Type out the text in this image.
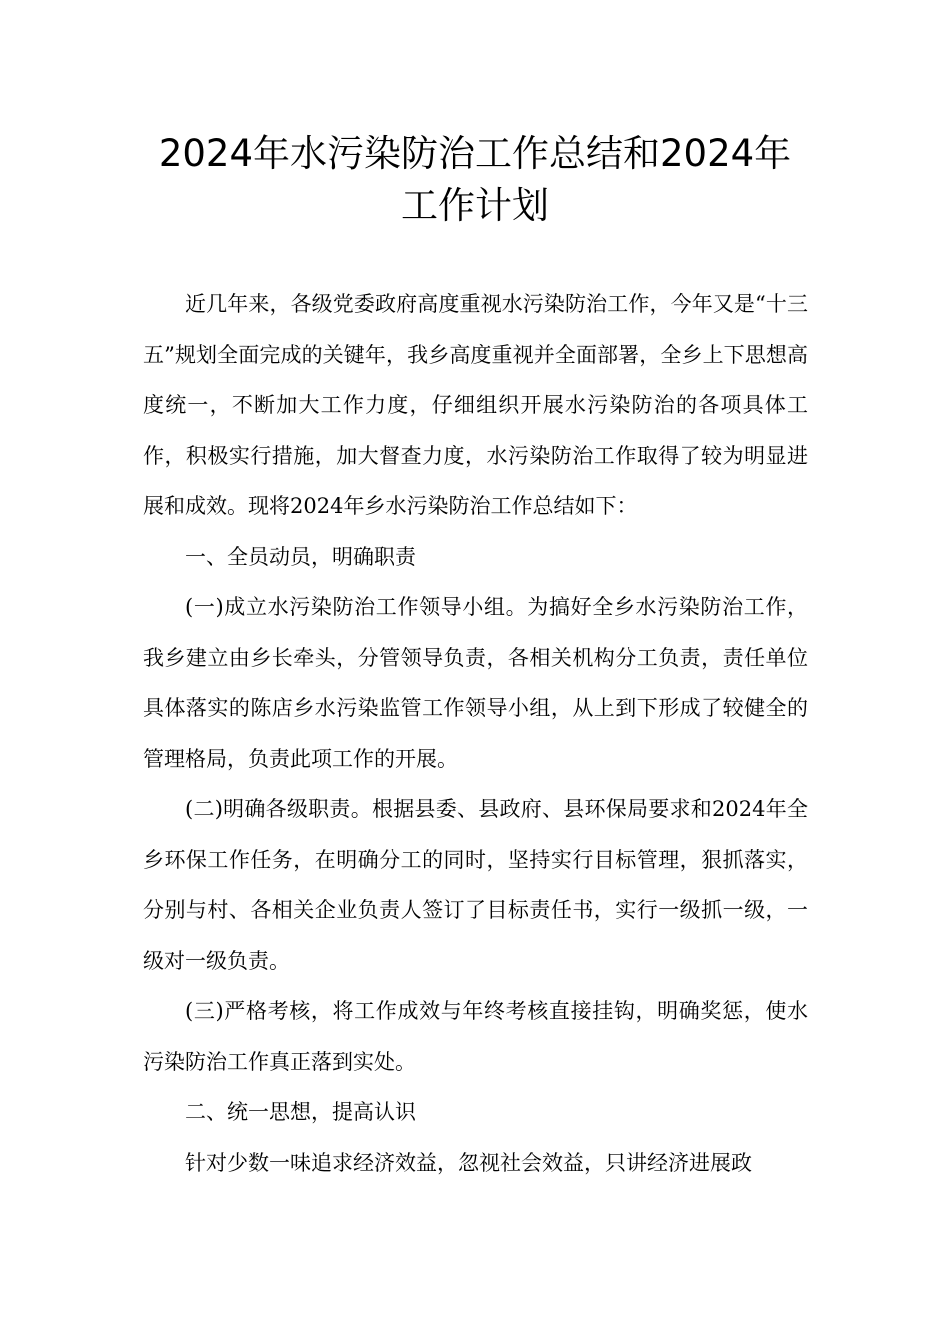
2024年水污染防治工作总结和2024年
工作计划

近几年来，各级党委政府高度重视水污染防治工作，今年又是“十三五”规划全面完成的关键年，我乡高度重视并全面部署，全乡上下思想高度统一，不断加大工作力度，仔细组织开展水污染防治的各项具体工作，积极实行措施，加大督查力度，水污染防治工作取得了较为明显进展和成效。现将2024年乡水污染防治工作总结如下：

一、全员动员，明确职责

(一)成立水污染防治工作领导小组。为搞好全乡水污染防治工作，我乡建立由乡长牵头，分管领导负责，各相关机构分工负责，责任单位具体落实的陈店乡水污染监管工作领导小组，从上到下形成了较健全的管理格局，负责此项工作的开展。

(二)明确各级职责。根据县委、县政府、县环保局要求和2024年全乡环保工作任务，在明确分工的同时，坚持实行目标管理，狠抓落实，分别与村、各相关企业负责人签订了目标责任书，实行一级抓一级，一级对一级负责。

(三)严格考核，将工作成效与年终考核直接挂钩，明确奖惩，使水污染防治工作真正落到实处。

二、统一思想，提高认识

针对少数一味追求经济效益，忽视社会效益，只讲经济进展政
